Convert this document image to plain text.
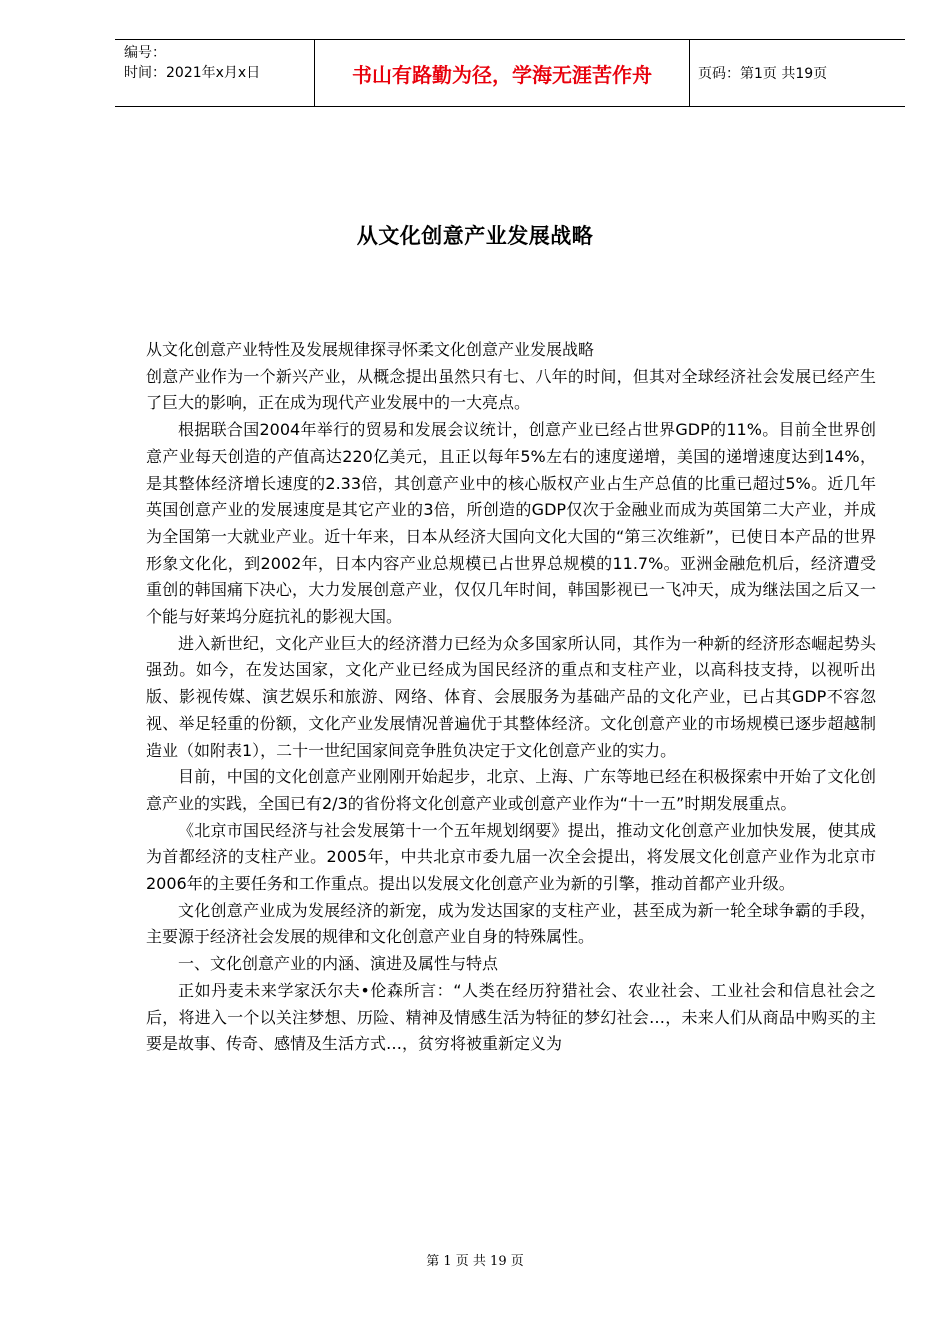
编号：
时间：2021年x月x日	书山有路勤为径，学海无涯苦作舟	页码：第1页 共19页
从文化创意产业发展战略

从文化创意产业特性及发展规律探寻怀柔文化创意产业发展战略

创意产业作为一个新兴产业，从概念提出虽然只有七、八年的时间，但其对全球经济社会发展已经产生了巨大的影响，正在成为现代产业发展中的一大亮点。

根据联合国2004年举行的贸易和发展会议统计，创意产业已经占世界GDP的11%。目前全世界创意产业每天创造的产值高达220亿美元，且正以每年5%左右的速度递增，美国的递增速度达到14%，是其整体经济增长速度的2.33倍，其创意产业中的核心版权产业占生产总值的比重已超过5%。近几年英国创意产业的发展速度是其它产业的3倍，所创造的GDP仅次于金融业而成为英国第二大产业，并成为全国第一大就业产业。近十年来，日本从经济大国向文化大国的“第三次维新”，已使日本产品的世界形象文化化，到2002年，日本内容产业总规模已占世界总规模的11.7%。亚洲金融危机后，经济遭受重创的韩国痛下决心，大力发展创意产业，仅仅几年时间，韩国影视已一飞冲天，成为继法国之后又一个能与好莱坞分庭抗礼的影视大国。

进入新世纪，文化产业巨大的经济潜力已经为众多国家所认同，其作为一种新的经济形态崛起势头强劲。如今，在发达国家，文化产业已经成为国民经济的重点和支柱产业，以高科技支持，以视听出版、影视传媒、演艺娱乐和旅游、网络、体育、会展服务为基础产品的文化产业，已占其GDP不容忽视、举足轻重的份额，文化产业发展情况普遍优于其整体经济。文化创意产业的市场规模已逐步超越制造业（如附表1），二十一世纪国家间竞争胜负决定于文化创意产业的实力。

目前，中国的文化创意产业刚刚开始起步，北京、上海、广东等地已经在积极探索中开始了文化创意产业的实践，全国已有2/3的省份将文化创意产业或创意产业作为“十一五”时期发展重点。

《北京市国民经济与社会发展第十一个五年规划纲要》提出，推动文化创意产业加快发展，使其成为首都经济的支柱产业。2005年，中共北京市委九届一次全会提出，将发展文化创意产业作为北京市2006年的主要任务和工作重点。提出以发展文化创意产业为新的引擎，推动首都产业升级。

文化创意产业成为发展经济的新宠，成为发达国家的支柱产业，甚至成为新一轮全球争霸的手段，主要源于经济社会发展的规律和文化创意产业自身的特殊属性。

一、文化创意产业的内涵、演进及属性与特点

正如丹麦未来学家沃尔夫•伦森所言：“人类在经历狩猎社会、农业社会、工业社会和信息社会之后，将进入一个以关注梦想、历险、精神及情感生活为特征的梦幻社会…，未来人们从商品中购买的主要是故事、传奇、感情及生活方式…，贫穷将被重新定义为

第 1 页 共 19 页
